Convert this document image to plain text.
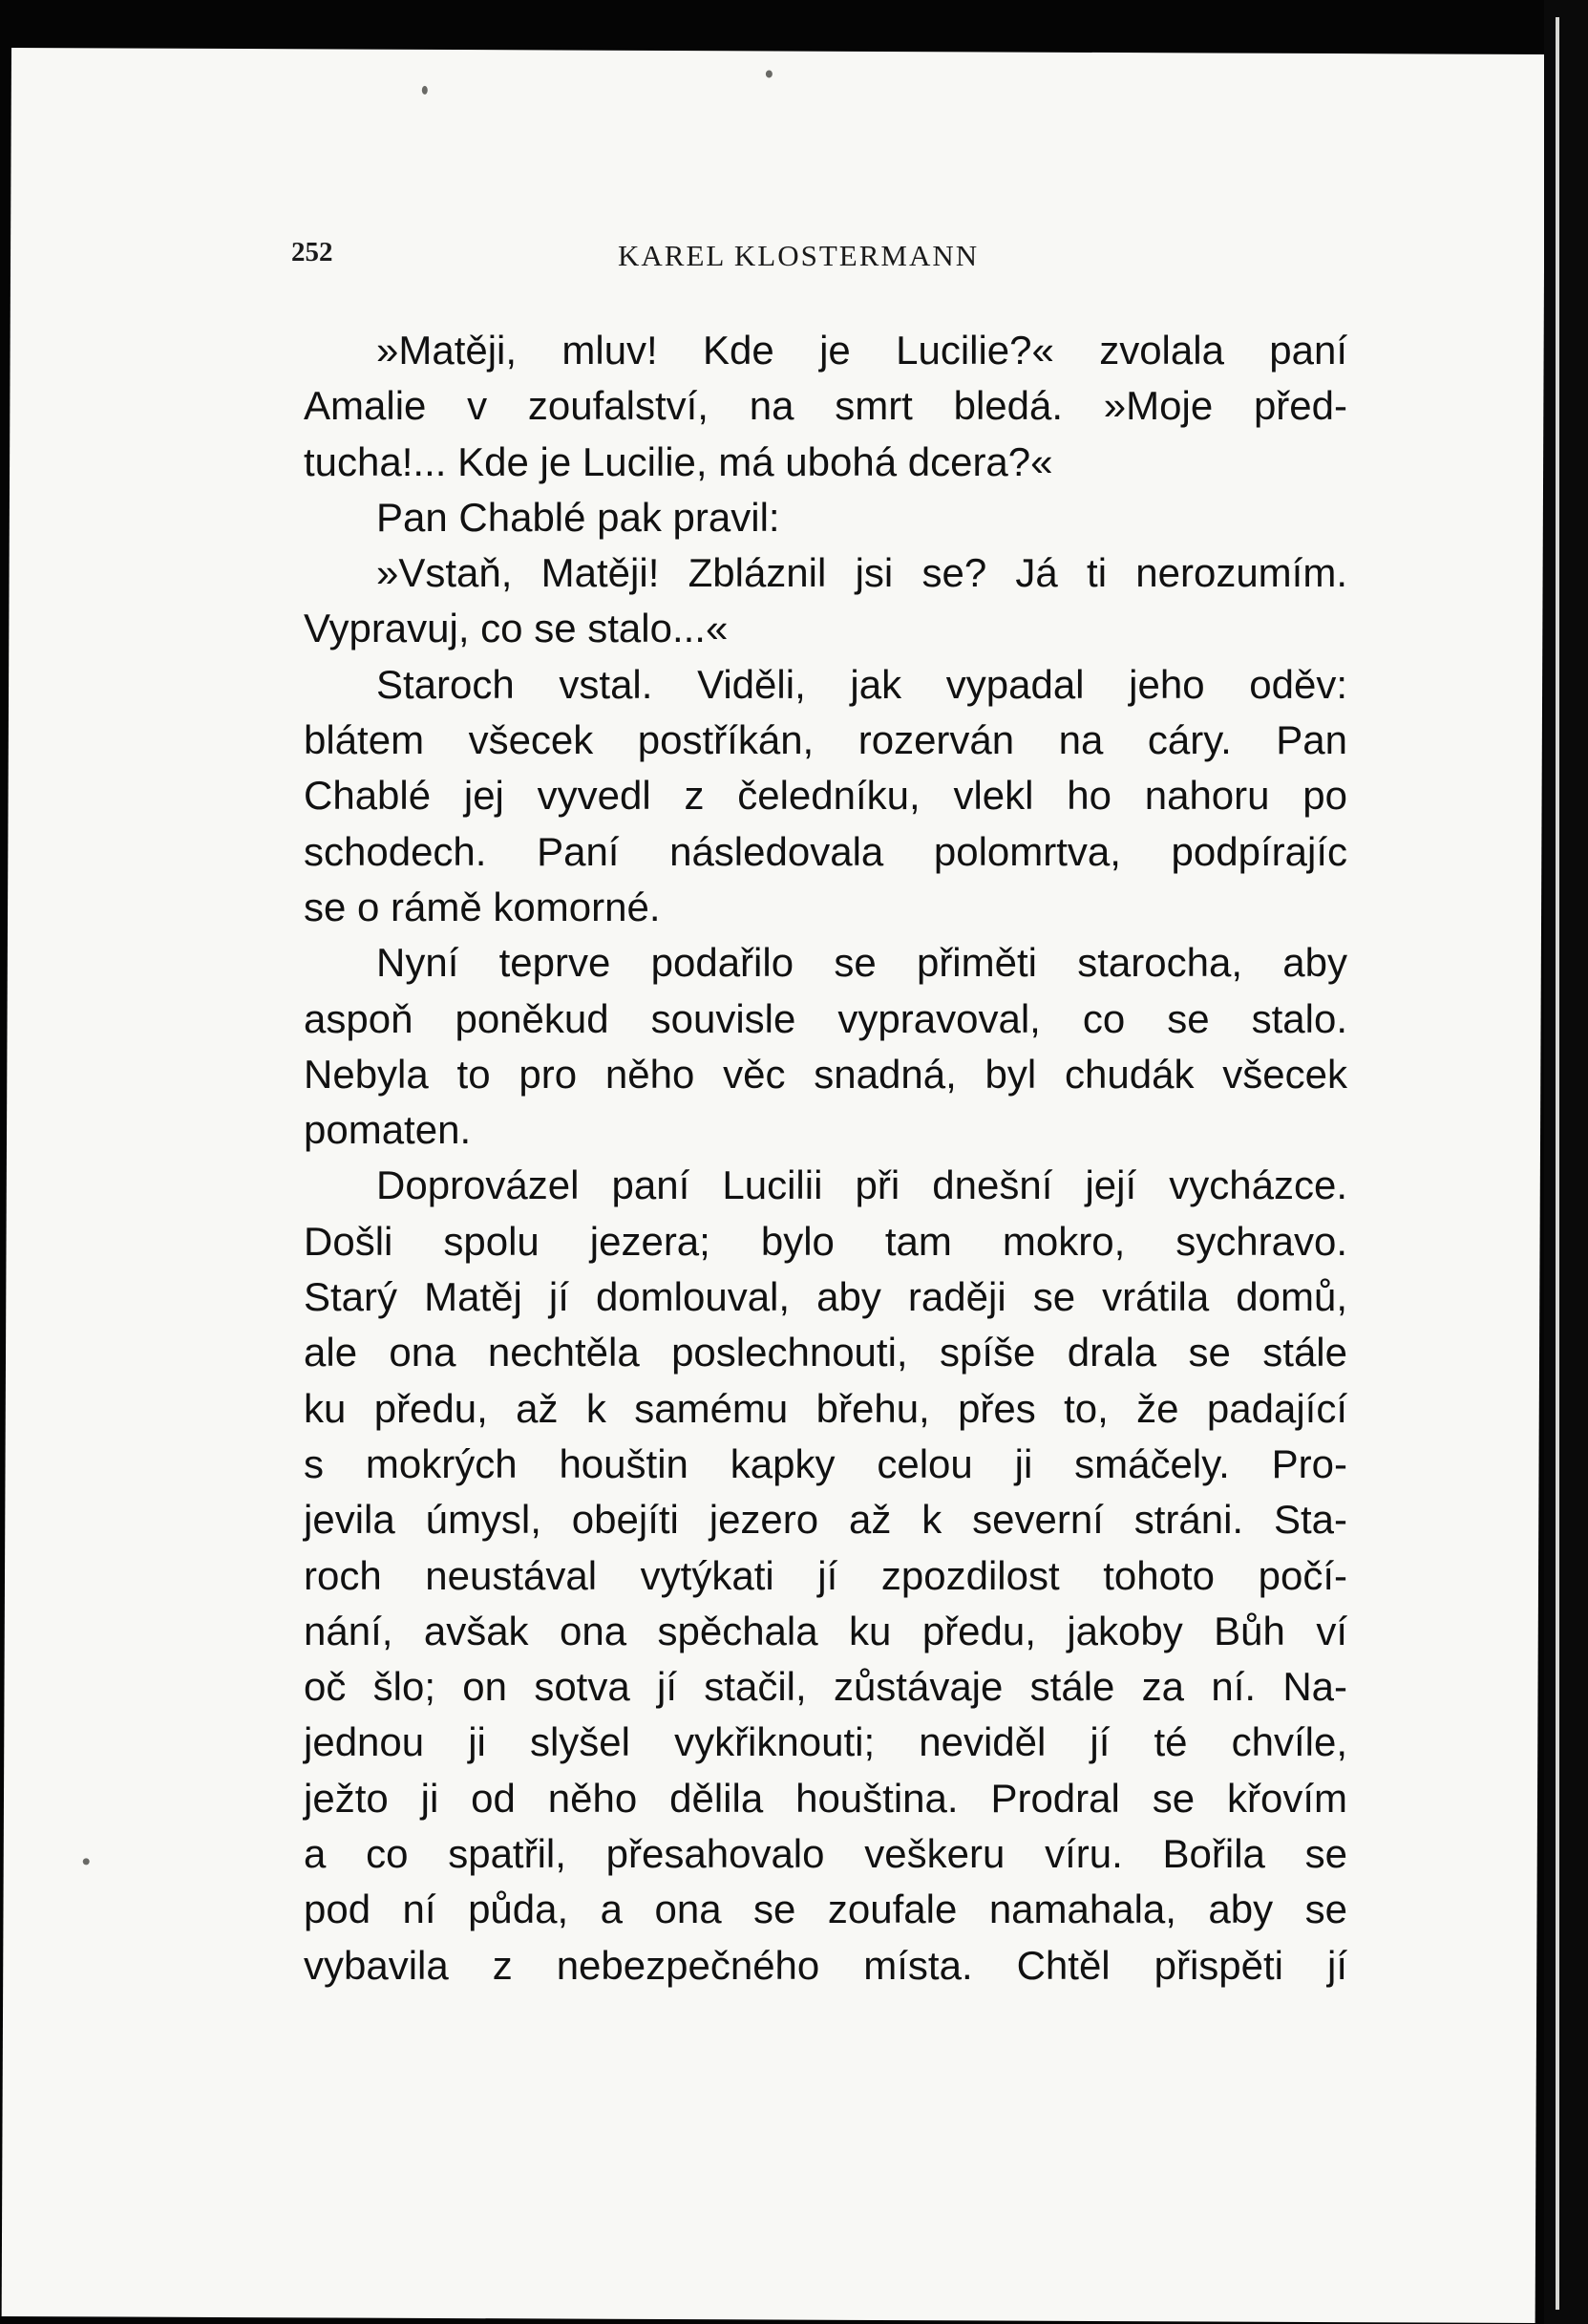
252	KAREL KLOSTERMANN
»Matěji, mluv! Kde je Lucilie?« zvolala paní
Amalie v zoufalství, na smrt bledá. »Moje před-
tucha!... Kde je Lucilie, má ubohá dcera?«
Pan Chablé pak pravil:
»Vstaň, Matěji! Zbláznil jsi se? Já ti nerozumím.
Vypravuj, co se stalo...«
Staroch vstal. Viděli, jak vypadal jeho oděv:
blátem všecek postříkán, rozerván na cáry. Pan
Chablé jej vyvedl z čeledníku, vlekl ho nahoru po
schodech. Paní následovala polomrtva, podpírajíc
se o rámě komorné.
Nyní teprve podařilo se přiměti starocha, aby
aspoň poněkud souvisle vypravoval, co se stalo.
Nebyla to pro něho věc snadná, byl chudák všecek
pomaten.
Doprovázel paní Lucilii při dnešní její vycházce.
Došli spolu jezera; bylo tam mokro, sychravo.
Starý Matěj jí domlouval, aby raději se vrátila domů,
ale ona nechtěla poslechnouti, spíše drala se stále
ku předu, až k samému břehu, přes to, že padající
s mokrých houštin kapky celou ji smáčely. Pro-
jevila úmysl, obejíti jezero až k severní stráni. Sta-
roch neustával vytýkati jí zpozdilost tohoto počí-
nání, avšak ona spěchala ku předu, jakoby Bůh ví
oč šlo; on sotva jí stačil, zůstávaje stále za ní. Na-
jednou ji slyšel vykřiknouti; neviděl jí té chvíle,
ježto ji od něho dělila houština. Prodral se křovím
a co spatřil, přesahovalo veškeru víru. Bořila se
pod ní půda, a ona se zoufale namahala, aby se
vybavila z nebezpečného místa. Chtěl přispěti jí
